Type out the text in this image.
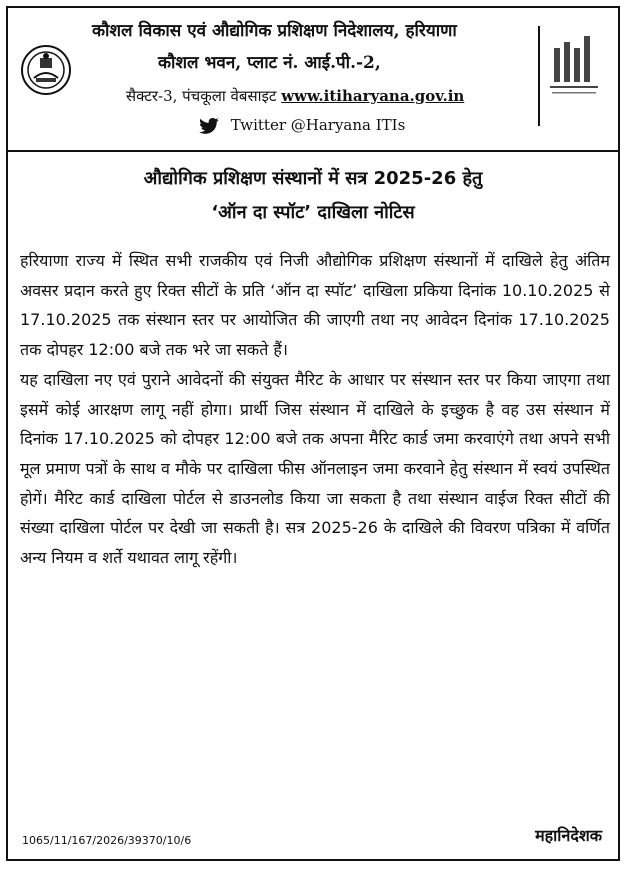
कौशल विकास एवं औद्योगिक प्रशिक्षण निदेशालय, हरियाणा
कौशल भवन, प्लाट नं. आई.पी.-2,
सैक्टर-3, पंचकूला वेबसाइट www.itiharyana.gov.in
Twitter @Haryana ITIs
औद्योगिक प्रशिक्षण संस्थानों में सत्र 2025-26 हेतु
‘ऑन दा स्पॉट’ दाखिला नोटिस

हरियाणा राज्य में स्थित सभी राजकीय एवं निजी औद्योगिक प्रशिक्षण संस्थानों में दाखिले हेतु अंतिम अवसर प्रदान करते हुए रिक्त सीटों के प्रति ‘ऑन दा स्पॉट’ दाखिला प्रकिया दिनांक 10.10.2025 से 17.10.2025 तक संस्थान स्तर पर आयोजित की जाएगी तथा नए आवेदन दिनांक 17.10.2025 तक दोपहर 12:00 बजे तक भरे जा सकते हैं।

यह दाखिला नए एवं पुराने आवेदनों की संयुक्त मैरिट के आधार पर संस्थान स्तर पर किया जाएगा तथा इसमें कोई आरक्षण लागू नहीं होगा। प्रार्थी जिस संस्थान में दाखिले के इच्छुक है वह उस संस्थान में दिनांक 17.10.2025 को दोपहर 12:00 बजे तक अपना मैरिट कार्ड जमा करवाएंगे तथा अपने सभी मूल प्रमाण पत्रों के साथ व मौके पर दाखिला फीस ऑनलाइन जमा करवाने हेतु संस्थान में स्वयं उपस्थित होगें। मैरिट कार्ड दाखिला पोर्टल से डाउनलोड किया जा सकता है तथा संस्थान वाईज रिक्त सीटों की संख्या दाखिला पोर्टल पर देखी जा सकती है। सत्र 2025-26 के दाखिले की विवरण पत्रिका में वर्णित अन्य नियम व शर्ते यथावत लागू रहेंगी।

1065/11/167/2026/39370/10/6	महानिदेशक
